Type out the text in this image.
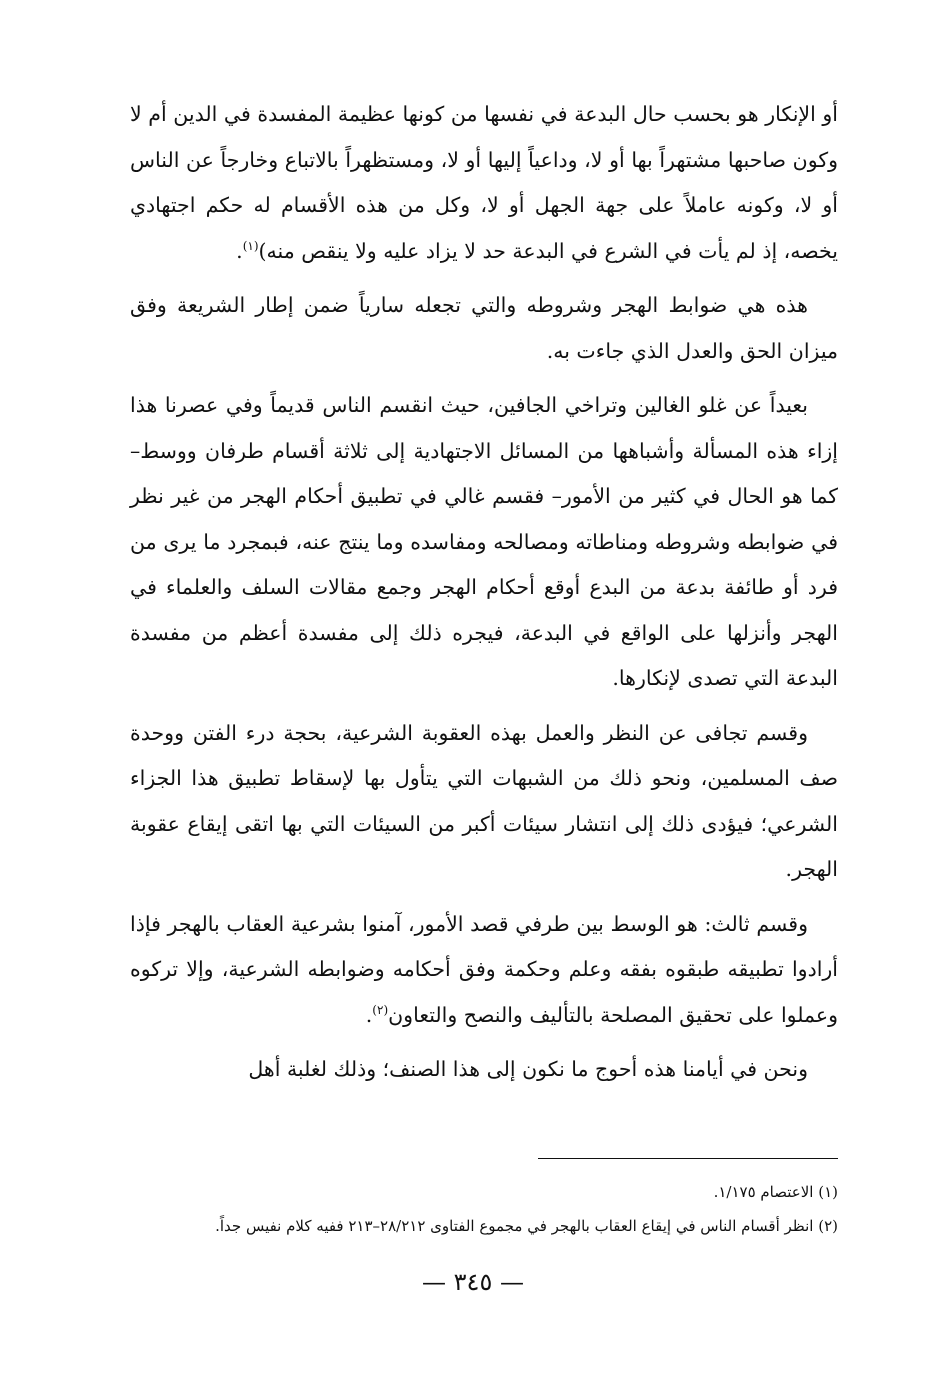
أو الإنكار هو بحسب حال البدعة في نفسها من كونها عظيمة المفسدة في الدين أم لا وكون صاحبها مشتهراً بها أو لا، وداعياً إليها أو لا، ومستظهراً بالاتباع وخارجاً عن الناس أو لا، وكونه عاملاً على جهة الجهل أو لا، وكل من هذه الأقسام له حكم اجتهادي يخصه، إذ لم يأت في الشرع في البدعة حد لا يزاد عليه ولا ينقص منه)$^{(١)}$.

هذه هي ضوابط الهجر وشروطه والتي تجعله سارياً ضمن إطار الشريعة وفق ميزان الحق والعدل الذي جاءت به.

بعيداً عن غلو الغالين وتراخي الجافين، حيث انقسم الناس قديماً وفي عصرنا هذا إزاء هذه المسألة وأشباهها من المسائل الاجتهادية إلى ثلاثة أقسام طرفان ووسط– كما هو الحال في كثير من الأمور– فقسم غالي في تطبيق أحكام الهجر من غير نظر في ضوابطه وشروطه ومناطاته ومصالحه ومفاسده وما ينتج عنه، فبمجرد ما يرى من فرد أو طائفة بدعة من البدع أوقع أحكام الهجر وجمع مقالات السلف والعلماء في الهجر وأنزلها على الواقع في البدعة، فيجره ذلك إلى مفسدة أعظم من مفسدة البدعة التي تصدى لإنكارها.

وقسم تجافى عن النظر والعمل بهذه العقوبة الشرعية، بحجة درء الفتن ووحدة صف المسلمين، ونحو ذلك من الشبهات التي يتأول بها لإسقاط تطبيق هذا الجزاء الشرعي؛ فيؤدى ذلك إلى انتشار سيئات أكبر من السيئات التي بها اتقى إيقاع عقوبة الهجر.

وقسم ثالث: هو الوسط بين طرفي قصد الأمور، آمنوا بشرعية العقاب بالهجر فإذا أرادوا تطبيقه طبقوه بفقه وعلم وحكمة وفق أحكامه وضوابطه الشرعية، وإلا تركوه وعملوا على تحقيق المصلحة بالتأليف والنصح والتعاون$^{(٢)}$.

ونحن في أيامنا هذه أحوج ما نكون إلى هذا الصنف؛ وذلك لغلبة أهل

(١) الاعتصام ١/١٧٥.

(٢) انظر أقسام الناس في إيقاع العقاب بالهجر في مجموع الفتاوى ٢٨/٢١٢–٢١٣ ففيه كلام نفيس جداً.

— ٣٤٥ —
